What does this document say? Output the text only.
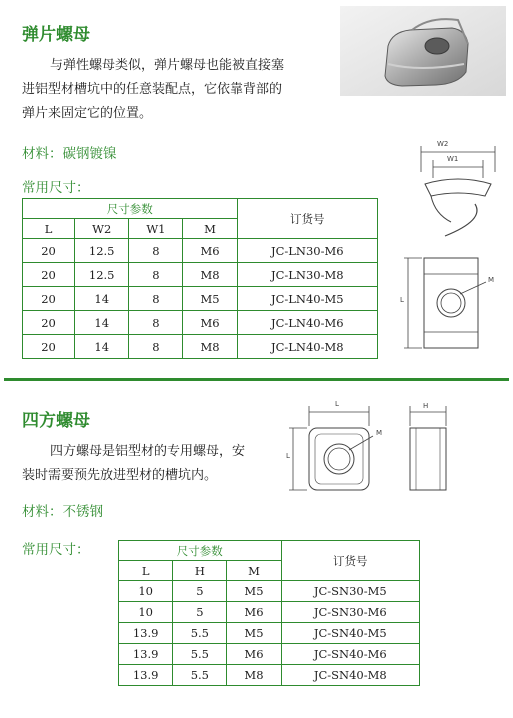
弹片螺母
与弹性螺母类似，弹片螺母也能被直接塞
进铝型材槽坑中的任意装配点，它依靠背部的
弹片来固定它的位置。
材料：碳钢镀镍
常用尺寸：
尺寸参数				订货号
L	W2	W1	M	
20	12.5	8	M6	JC-LN30-M6
20	12.5	8	M8	JC-LN30-M8
20	14	8	M5	JC-LN40-M5
20	14	8	M6	JC-LN40-M6
20	14	8	M8	JC-LN40-M8
W2
W1
L
M
四方螺母
四方螺母是铝型材的专用螺母，安
装时需要预先放进型材的槽坑内。
材料：不锈钢
常用尺寸：	尺寸参数			订货号
L	H	M	
10	5	M5	JC-SN30-M5
10	5	M6	JC-SN30-M6
13.9	5.5	M5	JC-SN40-M5
13.9	5.5	M6	JC-SN40-M6
13.9	5.5	M8	JC-SN40-M8
L
M
L
H
